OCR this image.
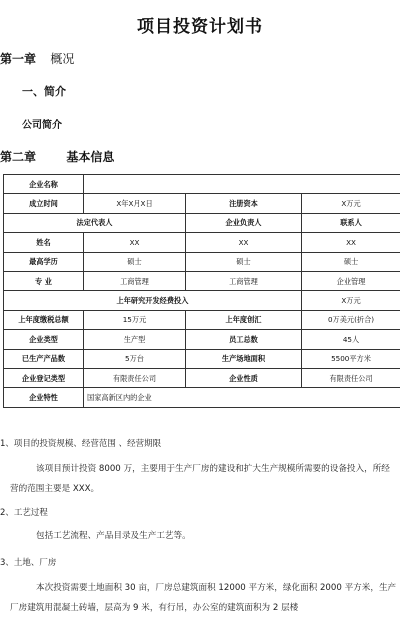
项目投资计划书
第一章 概况
一、简介
公司简介
第二章	基本信息
企业名称			
成立时间	X年X月X日	注册资本	X万元
法定代表人		企业负责人	联系人
姓名	XX	XX	XX
最高学历	硕士	硕士	硕士
专 业	工商管理	工商管理	企业管理
上年研究开发经费投入			X万元
上年度缴税总额	15万元	上年度创汇	0万美元(折合)
企业类型	生产型	员工总数	45人
已生产产品数	5万台	生产场地面积	5500平方米
企业登记类型	有限责任公司	企业性质	有限责任公司
企业特性	国家高新区内的企业		
1、项目的投资规模、经营范围 、经营期限
该项目预计投资 8000 万，主要用于生产厂房的建设和扩大生产规模所需要的设备投入，所经营的范围主要是 XXX。
2、工艺过程
包括工艺流程、产品目录及生产工艺等。
3、土地、厂房
本次投资需要土地面积 30 亩，厂房总建筑面积 12000 平方米，绿化面积 2000 平方米，生产厂房建筑用混凝土砖墙，层高为 9 米，有行吊，办公室的建筑面积为 2 层楼
